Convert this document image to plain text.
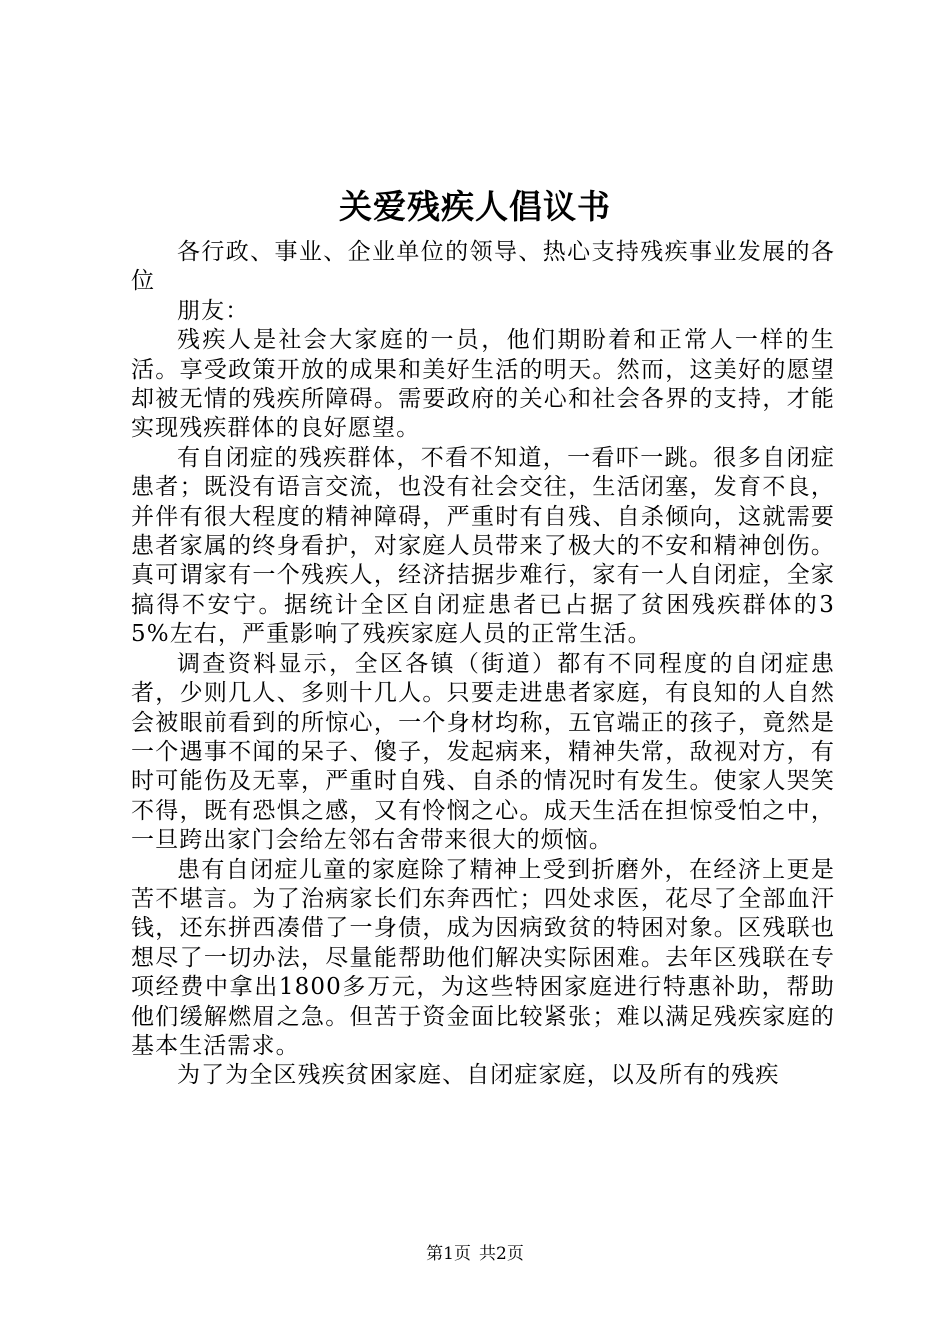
关爱残疾人倡议书

各行政、事业、企业单位的领导、热心支持残疾事业发展的各位

朋友：

残疾人是社会大家庭的一员，他们期盼着和正常人一样的生活。享受政策开放的成果和美好生活的明天。然而，这美好的愿望却被无情的残疾所障碍。需要政府的关心和社会各界的支持，才能实现残疾群体的良好愿望。

有自闭症的残疾群体，不看不知道，一看吓一跳。很多自闭症患者；既没有语言交流，也没有社会交往，生活闭塞，发育不良，并伴有很大程度的精神障碍，严重时有自残、自杀倾向，这就需要患者家属的终身看护，对家庭人员带来了极大的不安和精神创伤。真可谓家有一个残疾人，经济拮据步难行，家有一人自闭症，全家搞得不安宁。据统计全区自闭症患者已占据了贫困残疾群体的35%左右，严重影响了残疾家庭人员的正常生活。

调查资料显示，全区各镇（街道）都有不同程度的自闭症患者，少则几人、多则十几人。只要走进患者家庭，有良知的人自然会被眼前看到的所惊心，一个身材均称，五官端正的孩子，竟然是一个遇事不闻的呆子、傻子，发起病来，精神失常，敌视对方，有时可能伤及无辜，严重时自残、自杀的情况时有发生。使家人哭笑不得，既有恐惧之感，又有怜悯之心。成天生活在担惊受怕之中，一旦跨出家门会给左邻右舍带来很大的烦恼。

患有自闭症儿童的家庭除了精神上受到折磨外，在经济上更是苦不堪言。为了治病家长们东奔西忙；四处求医，花尽了全部血汗钱，还东拼西凑借了一身债，成为因病致贫的特困对象。区残联也想尽了一切办法，尽量能帮助他们解决实际困难。去年区残联在专项经费中拿出1800多万元，为这些特困家庭进行特惠补助，帮助他们缓解燃眉之急。但苦于资金面比较紧张；难以满足残疾家庭的基本生活需求。

为了为全区残疾贫困家庭、自闭症家庭，以及所有的残疾

第1页 共2页
